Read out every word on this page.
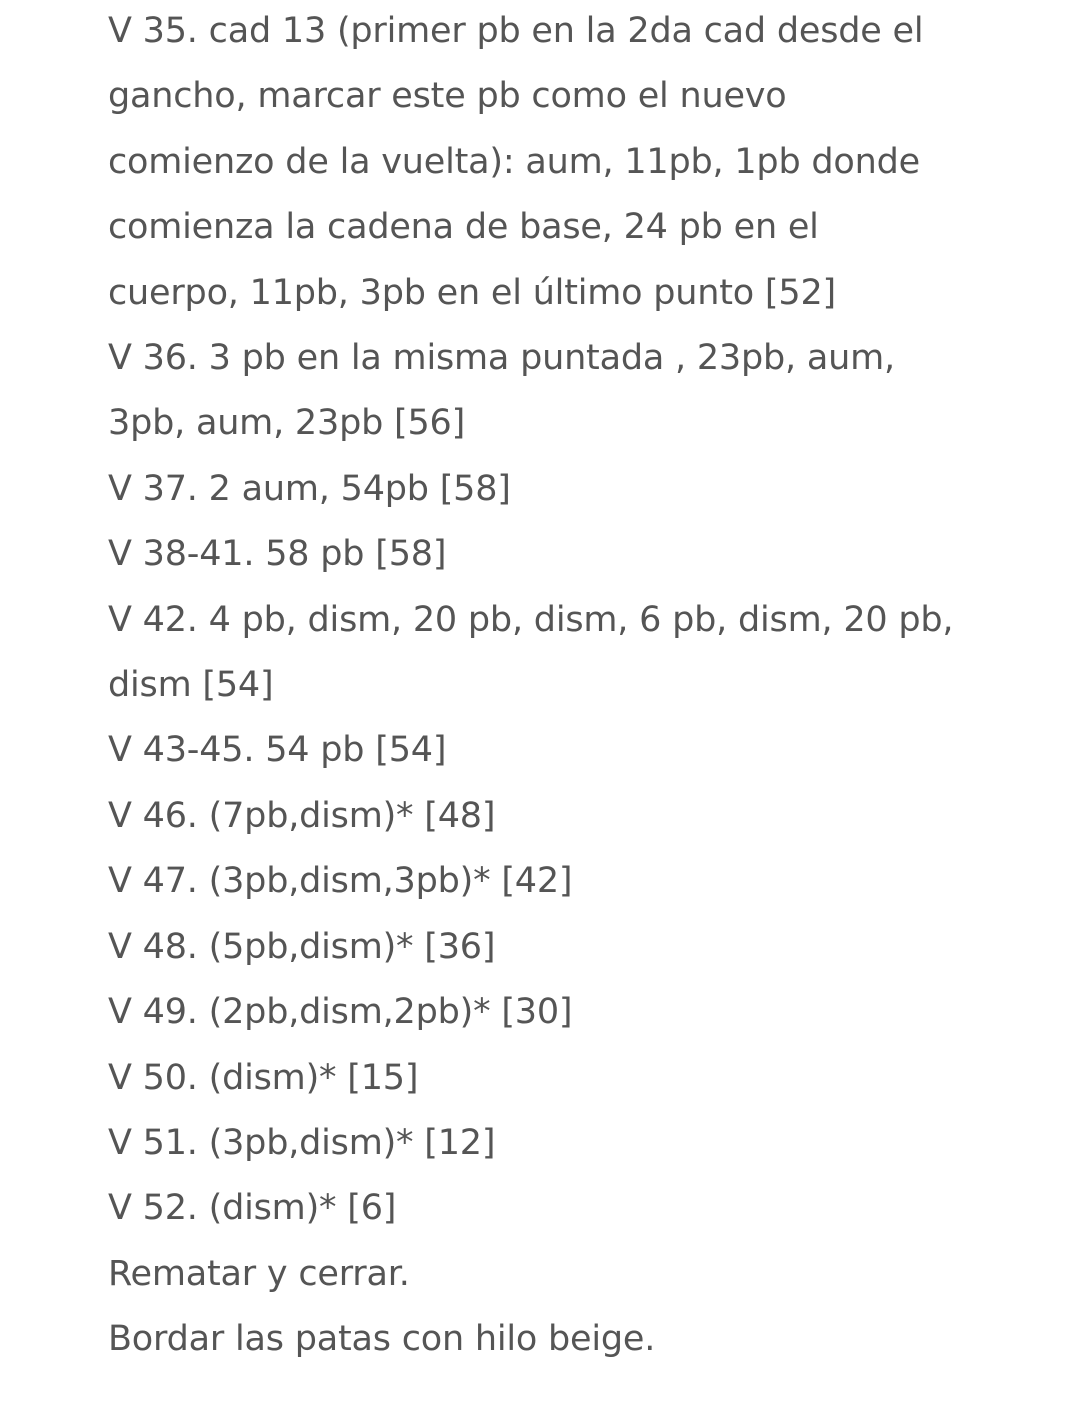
V 35. cad 13 (primer pb en la 2da cad desde el
gancho, marcar este pb como el nuevo
comienzo de la vuelta): aum, 11pb, 1pb donde
comienza la cadena de base, 24 pb en el
cuerpo, 11pb, 3pb en el último punto [52]
V 36. 3 pb en la misma puntada , 23pb, aum,
3pb, aum, 23pb [56]
V 37. 2 aum, 54pb [58]
V 38-41. 58 pb [58]
V 42. 4 pb, dism, 20 pb, dism, 6 pb, dism, 20 pb,
dism [54]
V 43-45. 54 pb [54]
V 46. (7pb,dism)* [48]
V 47. (3pb,dism,3pb)* [42]
V 48. (5pb,dism)* [36]
V 49. (2pb,dism,2pb)* [30]
V 50. (dism)* [15]
V 51. (3pb,dism)* [12]
V 52. (dism)* [6]
Rematar y cerrar.
Bordar las patas con hilo beige.
